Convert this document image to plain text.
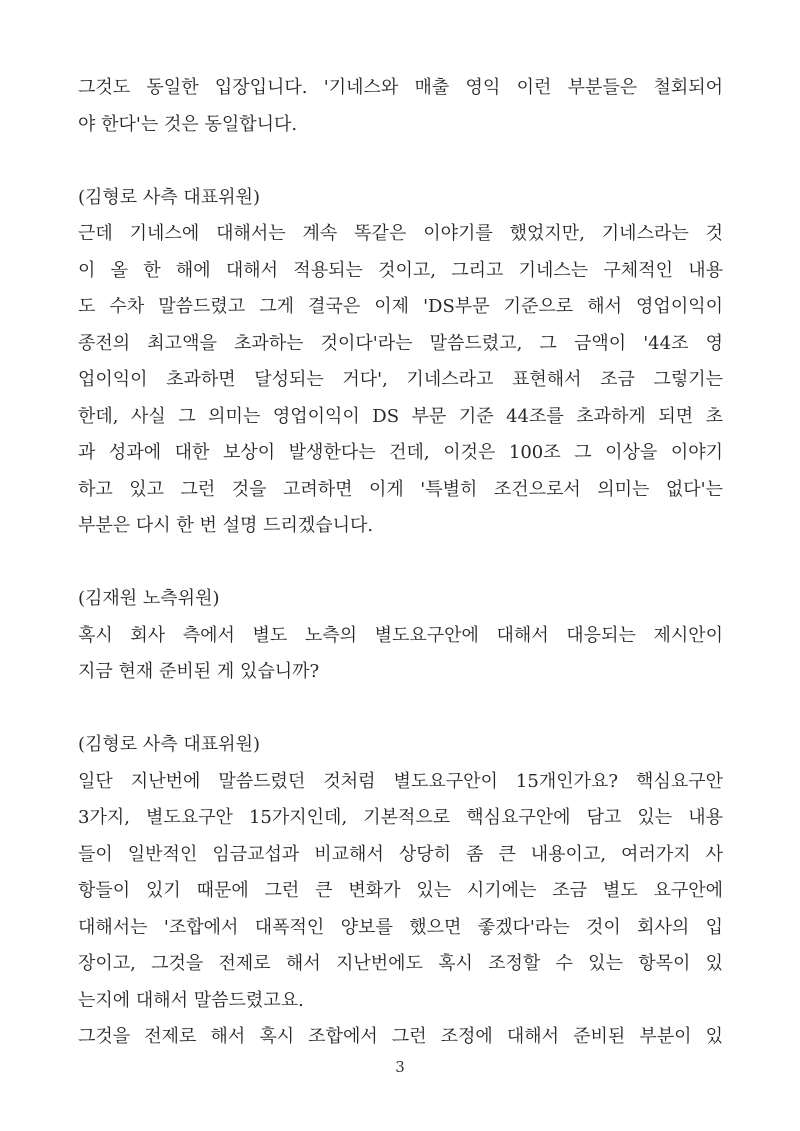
그것도 동일한 입장입니다. '기네스와 매출 영익 이런 부분들은 철회되어
야 한다'는 것은 동일합니다.
(김형로 사측 대표위원)
근데 기네스에 대해서는 계속 똑같은 이야기를 했었지만, 기네스라는 것
이 올 한 해에 대해서 적용되는 것이고, 그리고 기네스는 구체적인 내용
도 수차 말씀드렸고 그게 결국은 이제 'DS부문 기준으로 해서 영업이익이
종전의 최고액을 초과하는 것이다'라는 말씀드렸고, 그 금액이 '44조 영
업이익이 초과하면 달성되는 거다', 기네스라고 표현해서 조금 그렇기는
한데, 사실 그 의미는 영업이익이 DS 부문 기준 44조를 초과하게 되면 초
과 성과에 대한 보상이 발생한다는 건데, 이것은 100조 그 이상을 이야기
하고 있고 그런 것을 고려하면 이게 '특별히 조건으로서 의미는 없다'는
부분은 다시 한 번 설명 드리겠습니다.
(김재원 노측위원)
혹시 회사 측에서 별도 노측의 별도요구안에 대해서 대응되는 제시안이
지금 현재 준비된 게 있습니까?
(김형로 사측 대표위원)
일단 지난번에 말씀드렸던 것처럼 별도요구안이 15개인가요? 핵심요구안
3가지, 별도요구안 15가지인데, 기본적으로 핵심요구안에 담고 있는 내용
들이 일반적인 임금교섭과 비교해서 상당히 좀 큰 내용이고, 여러가지 사
항들이 있기 때문에 그런 큰 변화가 있는 시기에는 조금 별도 요구안에
대해서는 '조합에서 대폭적인 양보를 했으면 좋겠다'라는 것이 회사의 입
장이고, 그것을 전제로 해서 지난번에도 혹시 조정할 수 있는 항목이 있
는지에 대해서 말씀드렸고요.
그것을 전제로 해서 혹시 조합에서 그런 조정에 대해서 준비된 부분이 있
3
